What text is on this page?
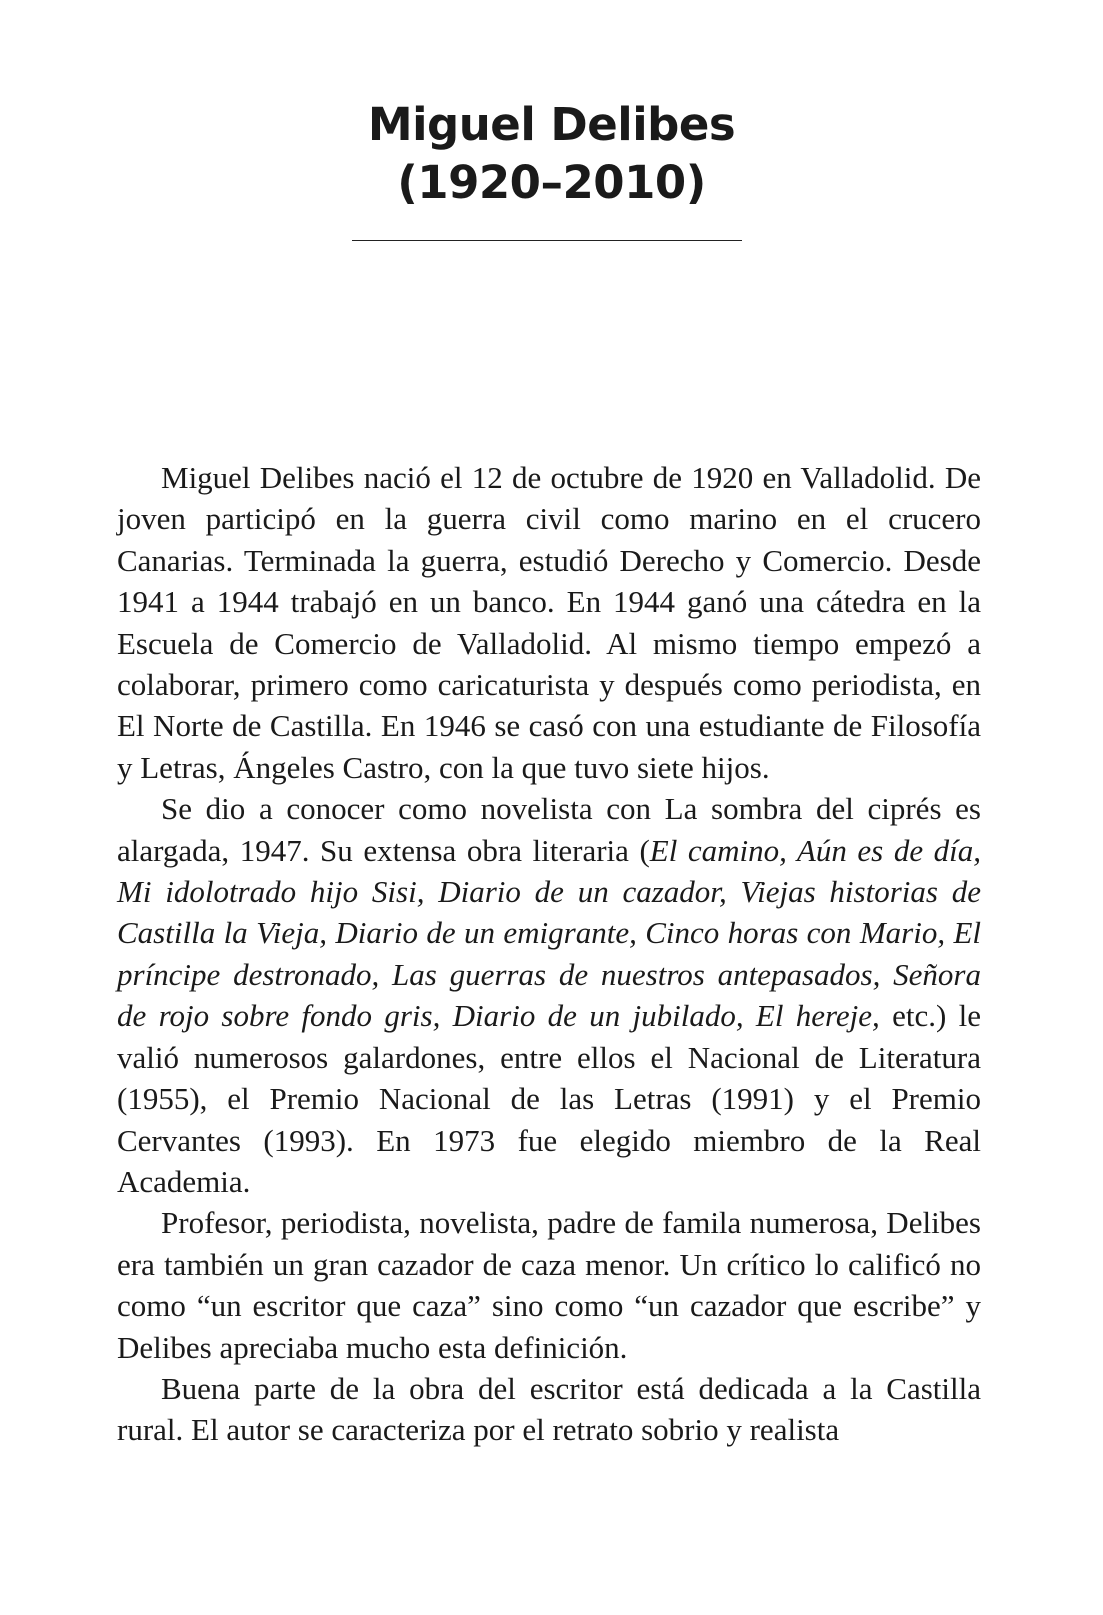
Miguel Delibes
(1920–2010)

Miguel Delibes nació el 12 de octubre de 1920 en Valladolid. De joven participó en la guerra civil como marino en el crucero Canarias. Terminada la guerra, estudió Derecho y Comercio. Desde 1941 a 1944 trabajó en un banco. En 1944 ganó una cátedra en la Escuela de Comercio de Valladolid. Al mismo tiempo empezó a colaborar, primero como caricaturista y después como periodista, en El Norte de Castilla. En 1946 se casó con una estudiante de Filosofía y Letras, Ángeles Castro, con la que tuvo siete hijos.

Se dio a conocer como novelista con La sombra del ciprés es alargada, 1947. Su extensa obra literaria (El camino, Aún es de día, Mi idolotrado hijo Sisi, Diario de un cazador, Viejas historias de Castilla la Vieja, Diario de un emigrante, Cinco horas con Mario, El príncipe destronado, Las guerras de nuestros antepasados, Señora de rojo sobre fondo gris, Diario de un jubilado, El hereje, etc.) le valió numerosos galardones, entre ellos el Nacional de Literatura (1955), el Premio Nacional de las Letras (1991) y el Premio Cervantes (1993). En 1973 fue elegido miembro de la Real Academia.

Profesor, periodista, novelista, padre de famila numerosa, Delibes era también un gran cazador de caza menor. Un crítico lo calificó no como “un escritor que caza” sino como “un cazador que escribe” y Delibes apreciaba mucho esta definición.

Buena parte de la obra del escritor está dedicada a la Castilla rural. El autor se caracteriza por el retrato sobrio y realista
